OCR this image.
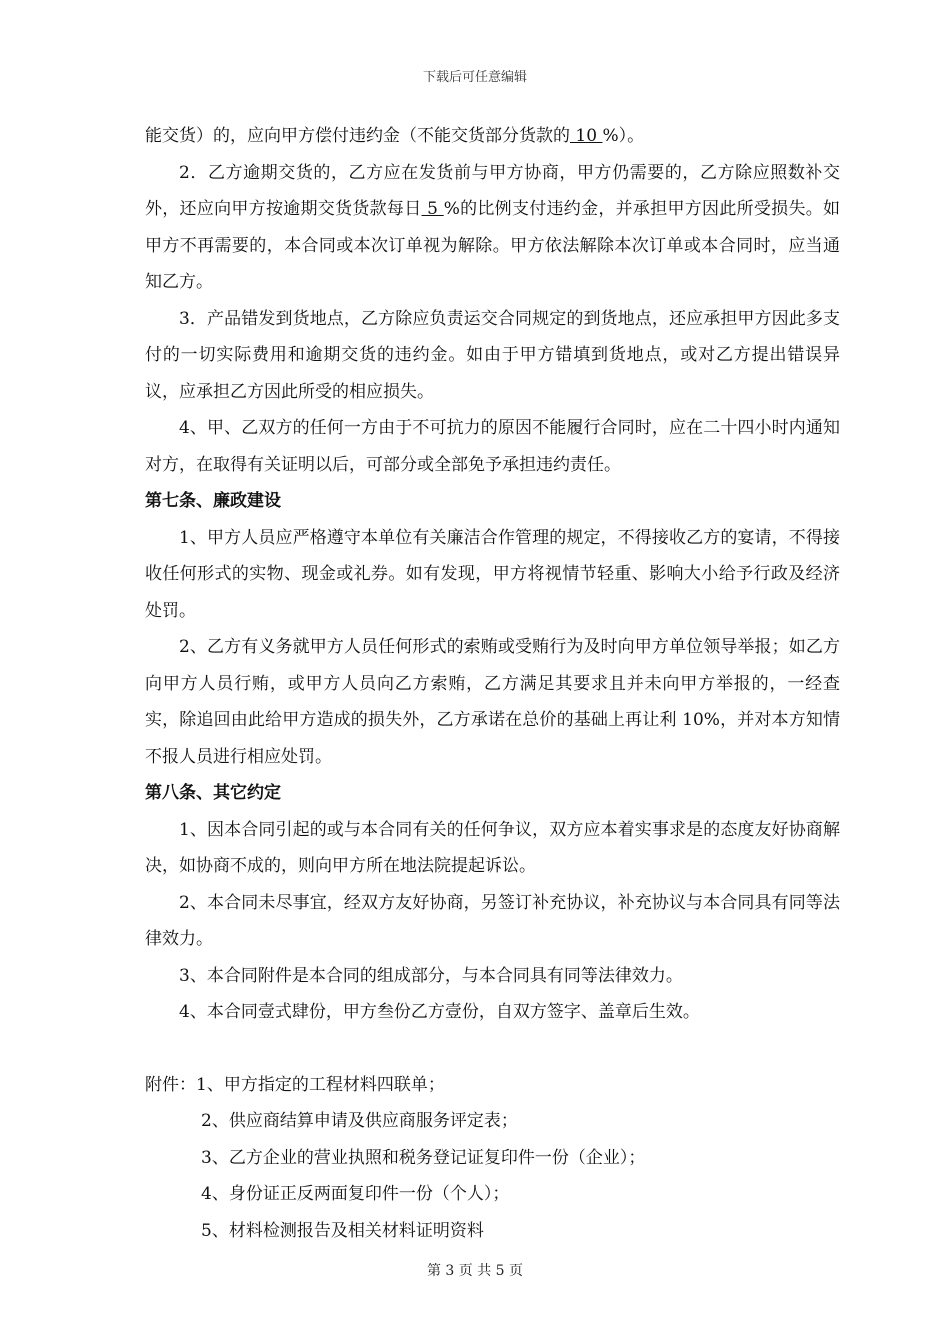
下载后可任意编辑

能交货）的，应向甲方偿付违约金（不能交货部分货款的 10 %）。

2．乙方逾期交货的，乙方应在发货前与甲方协商，甲方仍需要的，乙方除应照数补交外，还应向甲方按逾期交货货款每日 5 %的比例支付违约金，并承担甲方因此所受损失。如甲方不再需要的，本合同或本次订单视为解除。甲方依法解除本次订单或本合同时，应当通知乙方。

3．产品错发到货地点，乙方除应负责运交合同规定的到货地点，还应承担甲方因此多支付的一切实际费用和逾期交货的违约金。如由于甲方错填到货地点，或对乙方提出错误异议，应承担乙方因此所受的相应损失。

4、甲、乙双方的任何一方由于不可抗力的原因不能履行合同时，应在二十四小时内通知对方，在取得有关证明以后，可部分或全部免予承担违约责任。

第七条、廉政建设

1、甲方人员应严格遵守本单位有关廉洁合作管理的规定，不得接收乙方的宴请，不得接收任何形式的实物、现金或礼券。如有发现，甲方将视情节轻重、影响大小给予行政及经济处罚。

2、乙方有义务就甲方人员任何形式的索贿或受贿行为及时向甲方单位领导举报；如乙方向甲方人员行贿，或甲方人员向乙方索贿，乙方满足其要求且并未向甲方举报的，一经查实，除追回由此给甲方造成的损失外，乙方承诺在总价的基础上再让利 10%，并对本方知情不报人员进行相应处罚。

第八条、其它约定

1、因本合同引起的或与本合同有关的任何争议，双方应本着实事求是的态度友好协商解决，如协商不成的，则向甲方所在地法院提起诉讼。

2、本合同未尽事宜，经双方友好协商，另签订补充协议，补充协议与本合同具有同等法律效力。

3、本合同附件是本合同的组成部分，与本合同具有同等法律效力。

4、本合同壹式肆份，甲方叁份乙方壹份，自双方签字、盖章后生效。

附件：1、甲方指定的工程材料四联单；

2、供应商结算申请及供应商服务评定表；

3、乙方企业的营业执照和税务登记证复印件一份（企业）；

4、身份证正反两面复印件一份（个人）；

5、材料检测报告及相关材料证明资料

第 3 页 共 5 页
